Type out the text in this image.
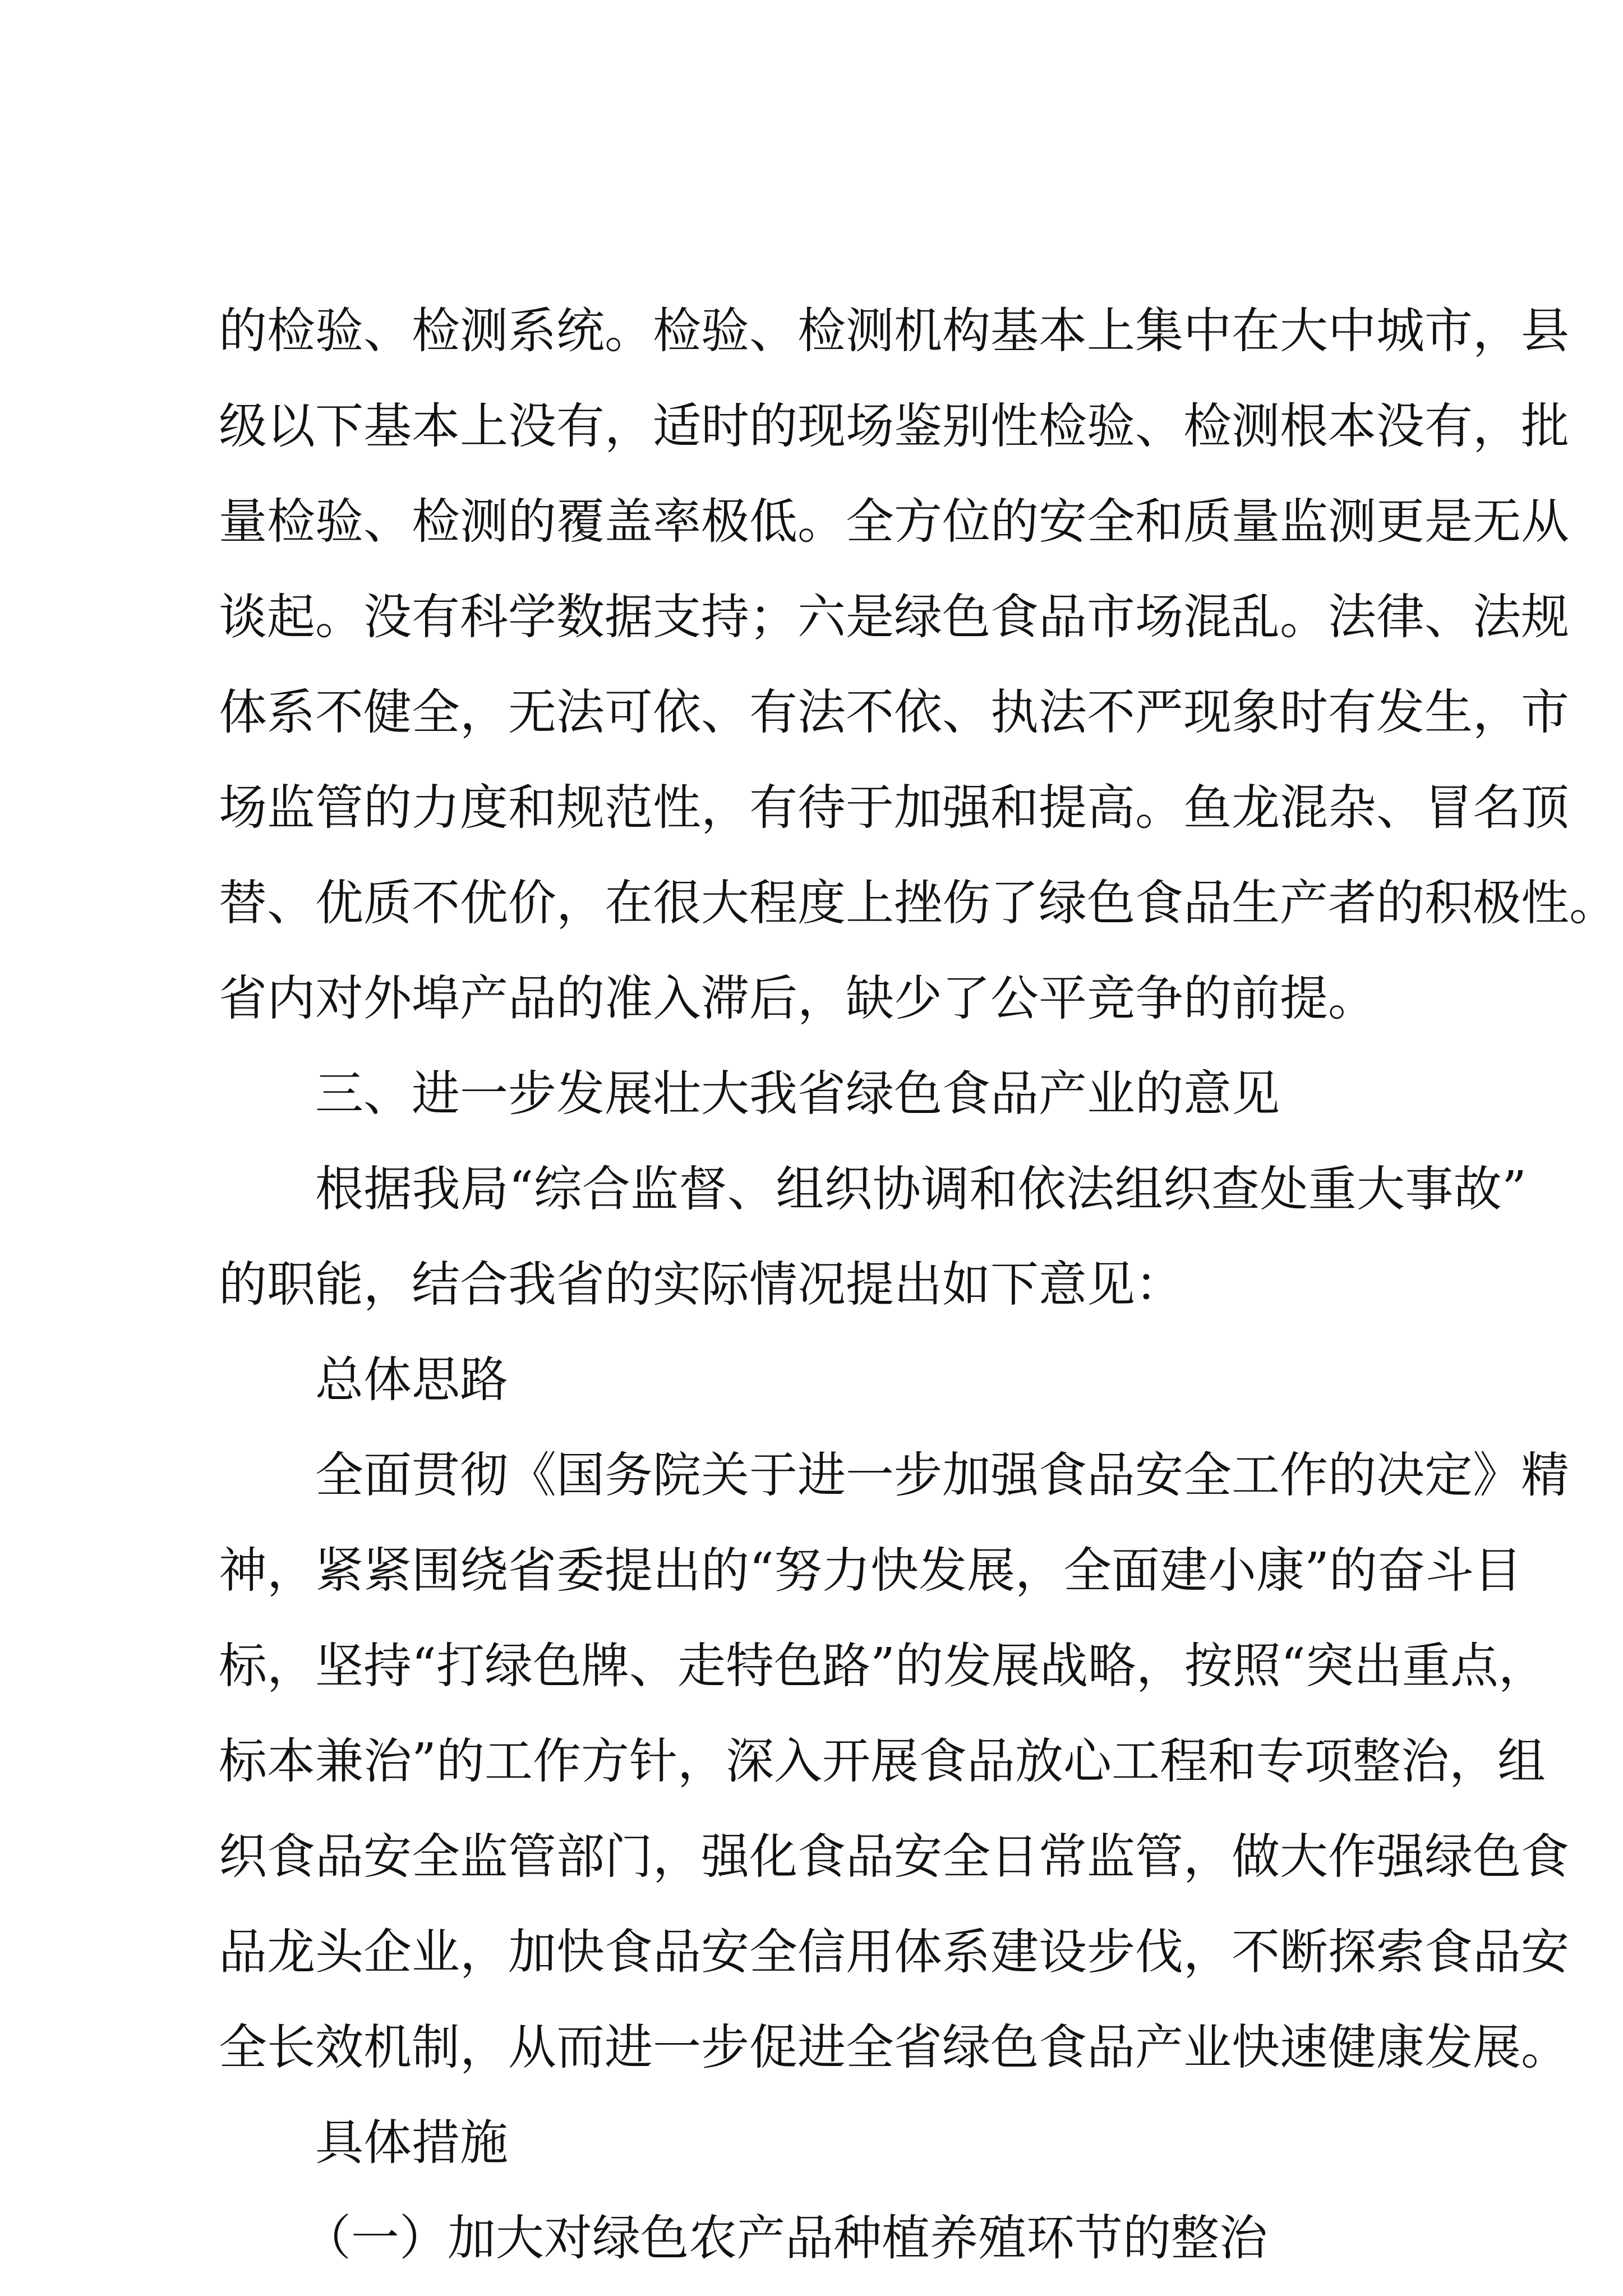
的检验、检测系统。检验、检测机构基本上集中在大中城市，县
级以下基本上没有，适时的现场鉴别性检验、检测根本没有，批
量检验、检测的覆盖率极低。全方位的安全和质量监测更是无从
谈起。没有科学数据支持；六是绿色食品市场混乱。法律、法规
体系不健全，无法可依、有法不依、执法不严现象时有发生，市
场监管的力度和规范性，有待于加强和提高。鱼龙混杂、冒名顶
替、优质不优价，在很大程度上挫伤了绿色食品生产者的积极性。
省内对外埠产品的准入滞后，缺少了公平竞争的前提。
三、进一步发展壮大我省绿色食品产业的意见
根据我局“综合监督、组织协调和依法组织查处重大事故”
的职能，结合我省的实际情况提出如下意见：
总体思路
全面贯彻《国务院关于进一步加强食品安全工作的决定》精
神，紧紧围绕省委提出的“努力快发展，全面建小康”的奋斗目
标，坚持“打绿色牌、走特色路”的发展战略，按照“突出重点，
标本兼治”的工作方针，深入开展食品放心工程和专项整治，组
织食品安全监管部门，强化食品安全日常监管，做大作强绿色食
品龙头企业，加快食品安全信用体系建设步伐，不断探索食品安
全长效机制，从而进一步促进全省绿色食品产业快速健康发展。
具体措施
（一）加大对绿色农产品种植养殖环节的整治
